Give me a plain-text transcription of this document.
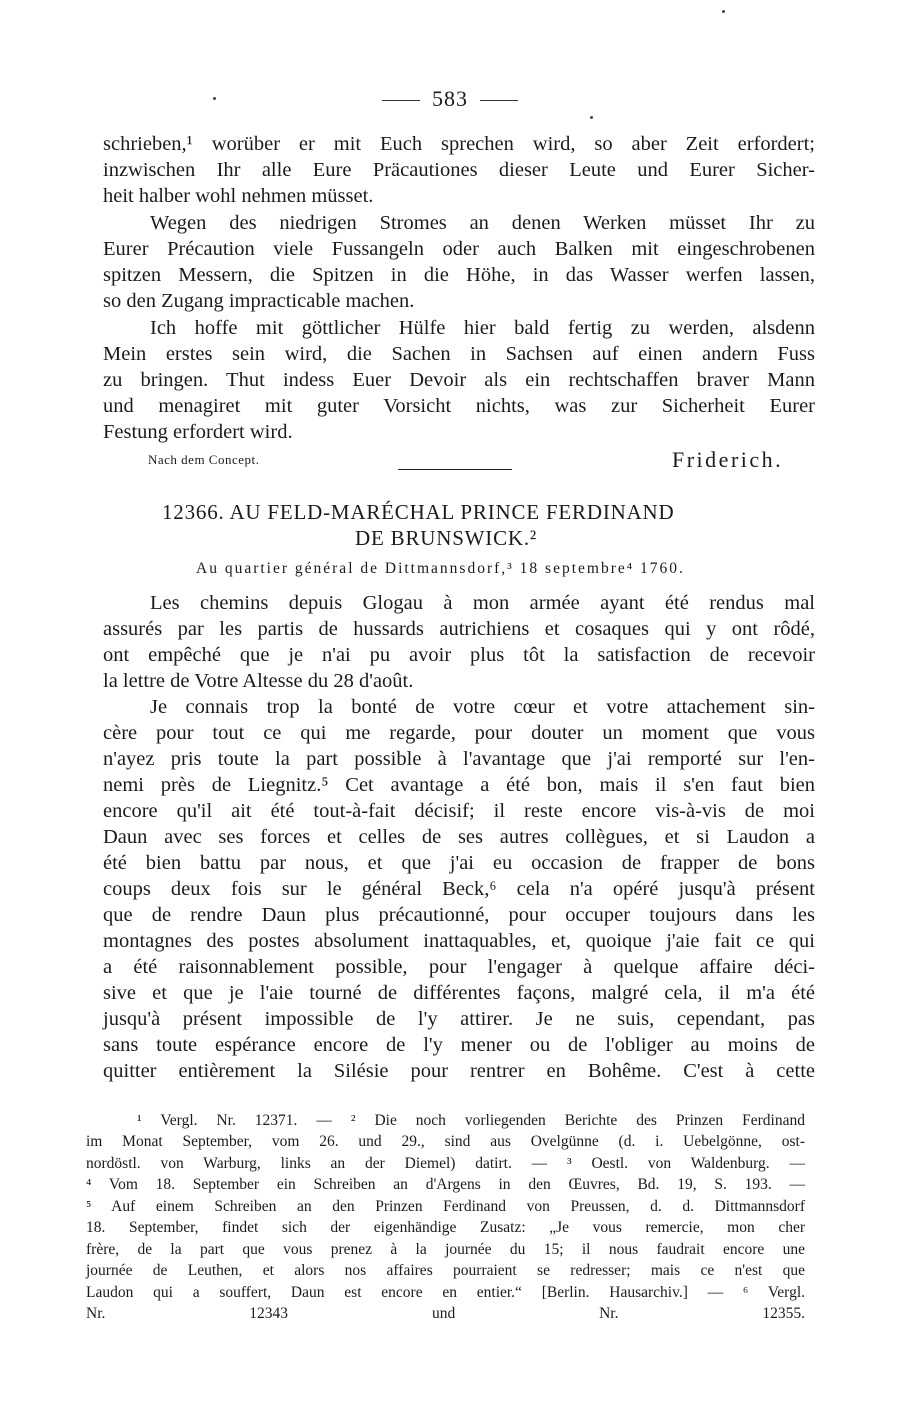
583
schrieben,¹ worüber er mit Euch sprechen wird, so aber Zeit erfordert;
inzwischen Ihr alle Eure Präcautiones dieser Leute und Eurer Sicher-
heit halber wohl nehmen müsset.
Wegen des niedrigen Stromes an denen Werken müsset Ihr zu
Eurer Précaution viele Fussangeln oder auch Balken mit eingeschrobenen
spitzen Messern, die Spitzen in die Höhe, in das Wasser werfen lassen,
so den Zugang impracticable machen.
Ich hoffe mit göttlicher Hülfe hier bald fertig zu werden, alsdenn
Mein erstes sein wird, die Sachen in Sachsen auf einen andern Fuss
zu bringen. Thut indess Euer Devoir als ein rechtschaffen braver Mann
und menagiret mit guter Vorsicht nichts, was zur Sicherheit Eurer
Festung erfordert wird.
Nach dem Concept.	Friderich.
12366. AU FELD-MARÉCHAL PRINCE FERDINAND
DE BRUNSWICK.²
Au quartier général de Dittmannsdorf,³ 18 septembre⁴ 1760.
Les chemins depuis Glogau à mon armée ayant été rendus mal
assurés par les partis de hussards autrichiens et cosaques qui y ont rôdé,
ont empêché que je n'ai pu avoir plus tôt la satisfaction de recevoir
la lettre de Votre Altesse du 28 d'août.
Je connais trop la bonté de votre cœur et votre attachement sin-
cère pour tout ce qui me regarde, pour douter un moment que vous
n'ayez pris toute la part possible à l'avantage que j'ai remporté sur l'en-
nemi près de Liegnitz.⁵ Cet avantage a été bon, mais il s'en faut bien
encore qu'il ait été tout-à-fait décisif; il reste encore vis-à-vis de moi
Daun avec ses forces et celles de ses autres collègues, et si Laudon a
été bien battu par nous, et que j'ai eu occasion de frapper de bons
coups deux fois sur le général Beck,⁶ cela n'a opéré jusqu'à présent
que de rendre Daun plus précautionné, pour occuper toujours dans les
montagnes des postes absolument inattaquables, et, quoique j'aie fait ce qui
a été raisonnablement possible, pour l'engager à quelque affaire déci-
sive et que je l'aie tourné de différentes façons, malgré cela, il m'a été
jusqu'à présent impossible de l'y attirer. Je ne suis, cependant, pas
sans toute espérance encore de l'y mener ou de l'obliger au moins de
quitter entièrement la Silésie pour rentrer en Bohême. C'est à cette
¹ Vergl. Nr. 12371. — ² Die noch vorliegenden Berichte des Prinzen Ferdinand
im Monat September, vom 26. und 29., sind aus Ovelgünne (d. i. Uebelgönne, ost-
nordöstl. von Warburg, links an der Diemel) datirt. — ³ Oestl. von Waldenburg. —
⁴ Vom 18. September ein Schreiben an d'Argens in den Œuvres, Bd. 19, S. 193. —
⁵ Auf einem Schreiben an den Prinzen Ferdinand von Preussen, d. d. Dittmannsdorf
18. September, findet sich der eigenhändige Zusatz: „Je vous remercie, mon cher
frère, de la part que vous prenez à la journée du 15; il nous faudrait encore une
journée de Leuthen, et alors nos affaires pourraient se redresser; mais ce n'est que
Laudon qui a souffert, Daun est encore en entier.“ [Berlin. Hausarchiv.] — ⁶ Vergl.
Nr. 12343 und Nr. 12355.
